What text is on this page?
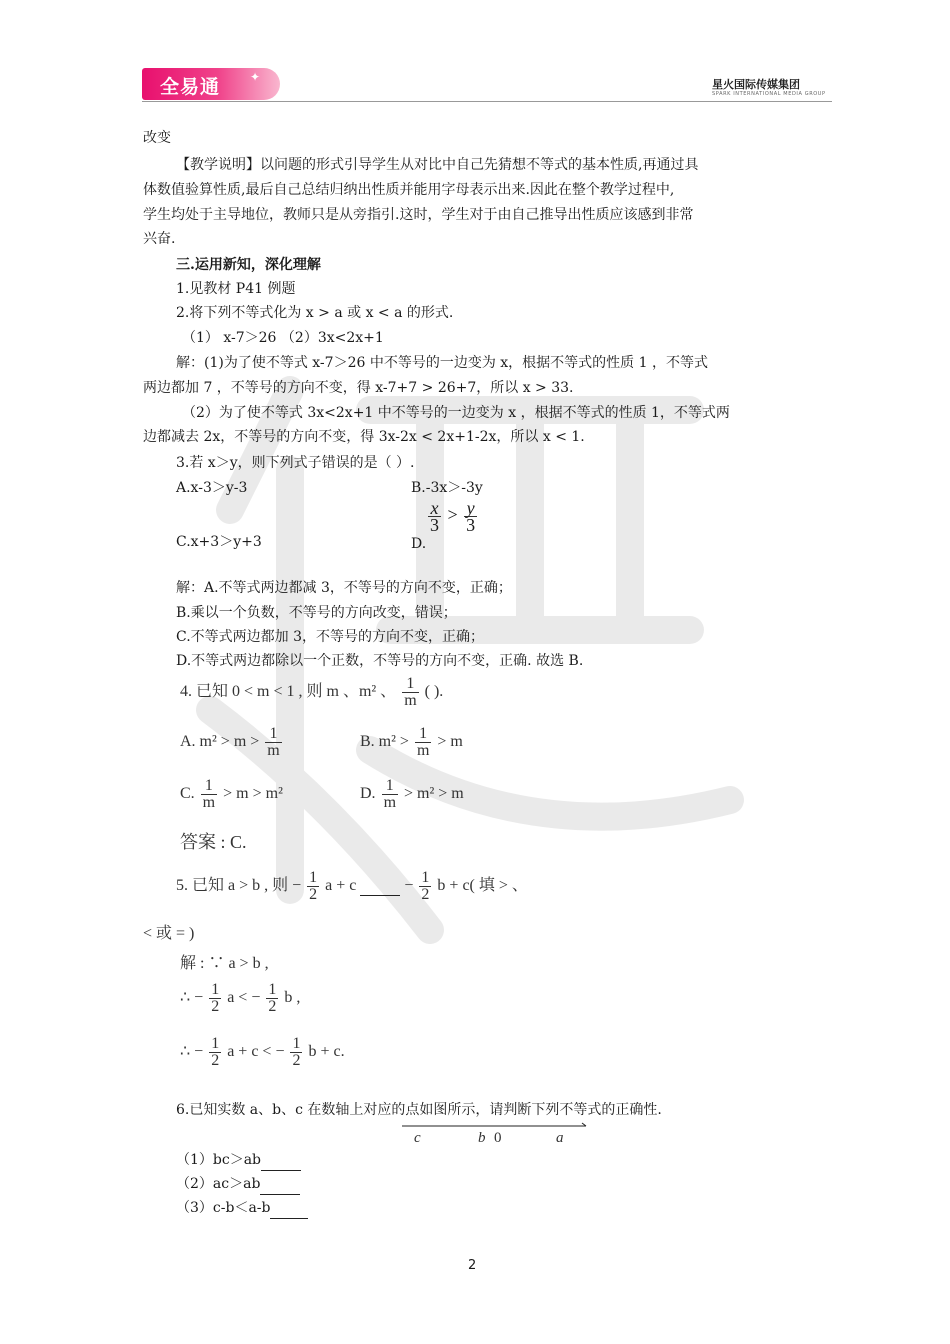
全易通 ✦
星火国际传媒集团
SPARK INTERNATIONAL MEDIA GROUP
改变
【教学说明】以问题的形式引导学生从对比中自己先猜想不等式的基本性质,再通过具
体数值验算性质,最后自己总结归纳出性质并能用字母表示出来.因此在整个教学过程中,
学生均处于主导地位，教师只是从旁指引.这时，学生对于由自己推导出性质应该感到非常
兴奋.
三.运用新知，深化理解
1.见教材 P41 例题
2.将下列不等式化为 x > a 或 x < a 的形式.
（1） x-7＞26 （2）3x<2x+1
解：(1)为了使不等式 x-7＞26 中不等号的一边变为 x，根据不等式的性质 1 ，不等式
两边都加 7 ，不等号的方向不变，得 x-7+7 > 26+7，所以 x > 33.
（2）为了使不等式 3x<2x+1 中不等号的一边变为 x ，根据不等式的性质 1，不等式两
边都减去 2x，不等号的方向不变，得 3x-2x < 2x+1-2x，所以 x < 1.
3.若 x＞y，则下列式子错误的是（ ）.
A.x-3＞y-3	B.-3x＞-3y
C.x+3＞y+3	D.
$\frac{x}{3} > \frac{y}{3}$
解：A.不等式两边都减 3，不等号的方向不变，正确；
B.乘以一个负数，不等号的方向改变，错误；
C.不等式两边都加 3，不等号的方向不变，正确；
D.不等式两边都除以一个正数，不等号的方向不变，正确. 故选 B.
4. 已知 0 < m < 1 , 则 m 、m² 、 $\frac{1}{m}$ ( ).
A. $m^2 > m > \frac{1}{m}$	B. $m^2 > \frac{1}{m} > m$
C. $\frac{1}{m} > m > m^2$	D. $\frac{1}{m} > m^2 > m$
答案 : C.
5. 已知 a > b , 则 − $\frac{1}{2}$ a + c	− $\frac{1}{2}$ b + c( 填 > 、
< 或 = )
解 : ∵ a > b ,
∴ − $\frac{1}{2}$ a < − $\frac{1}{2}$ b ,
∴ − $\frac{1}{2}$ a + c < − $\frac{1}{2}$ b + c.
6.已知实数 a、b、c 在数轴上对应的点如图所示，请判断下列不等式的正确性.
c	b 0	a
（1）bc＞ab
（2）ac＞ab
（3）c-b＜a-b
2
